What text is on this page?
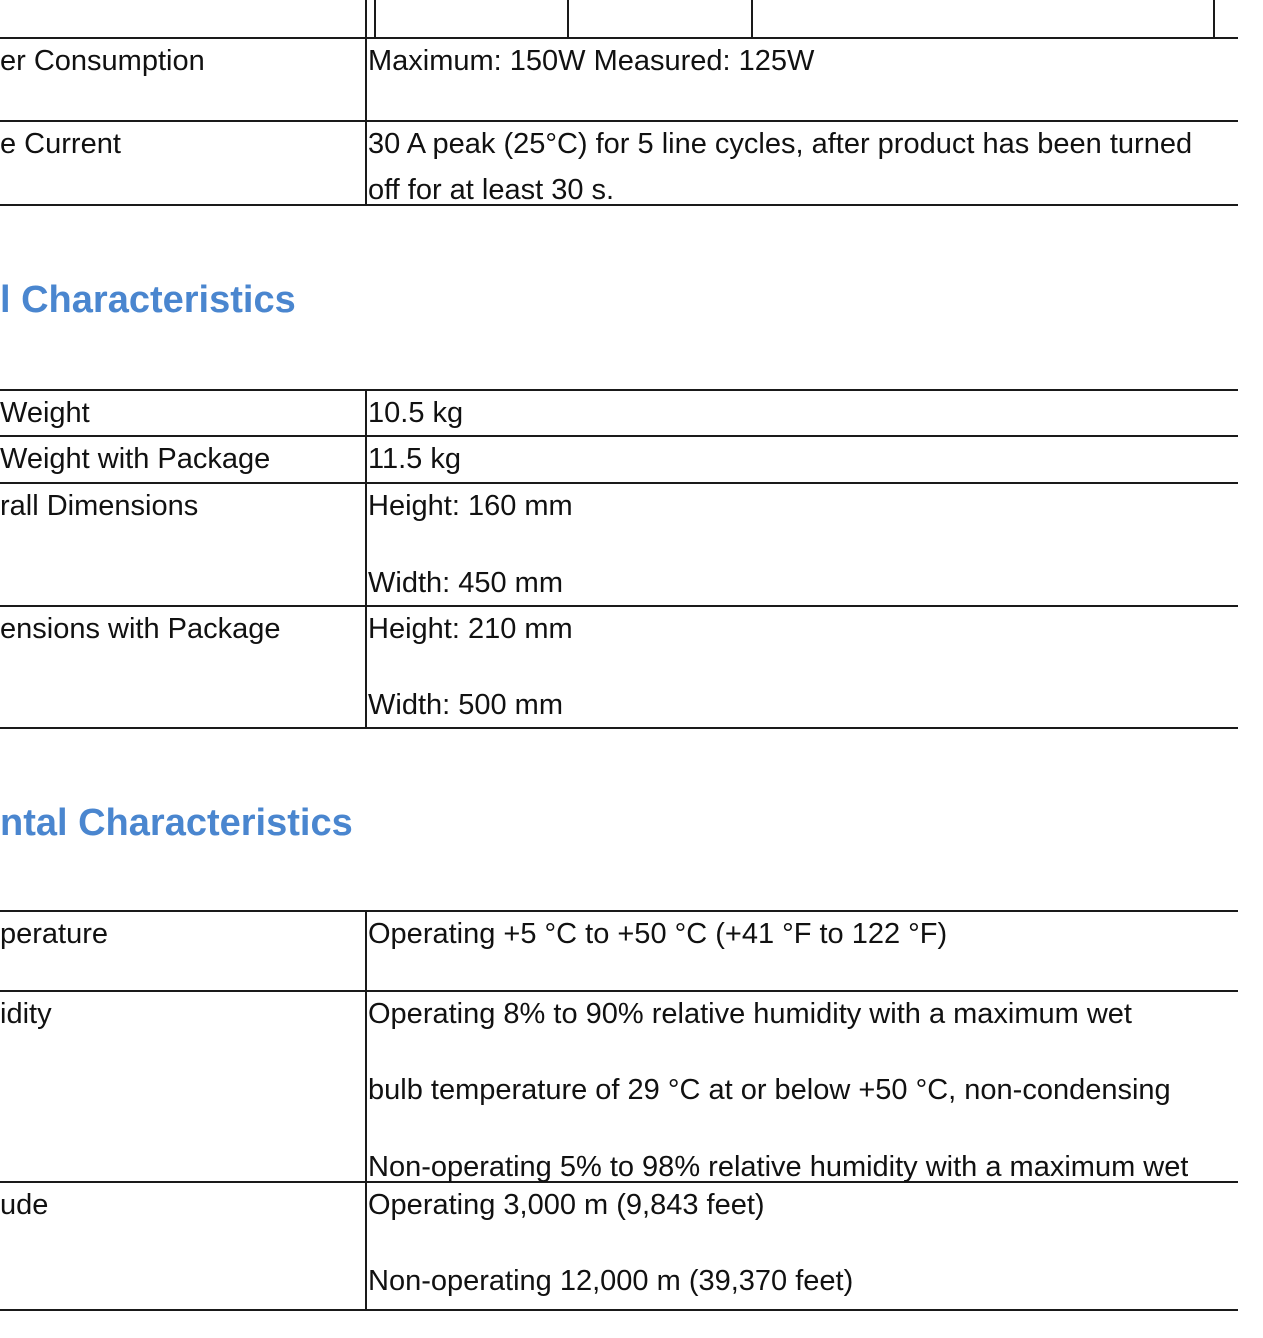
er Consumption	Maximum: 150W Measured: 125W
e Current	30 A peak (25°C) for 5 line cycles, after product has been turned
off for at least 30 s.
l Characteristics
Weight	10.5 kg
Weight with Package	11.5 kg
rall Dimensions	Height: 160 mm
Width: 450 mm
ensions with Package	Height: 210 mm
Width: 500 mm
ntal Characteristics
perature	Operating +5 °C to +50 °C (+41 °F to 122 °F)
idity	Operating 8% to 90% relative humidity with a maximum wet
bulb temperature of 29 °C at or below +50 °C, non-condensing
Non-operating 5% to 98% relative humidity with a maximum wet
ude	Operating 3,000 m (9,843 feet)
Non-operating 12,000 m (39,370 feet)
